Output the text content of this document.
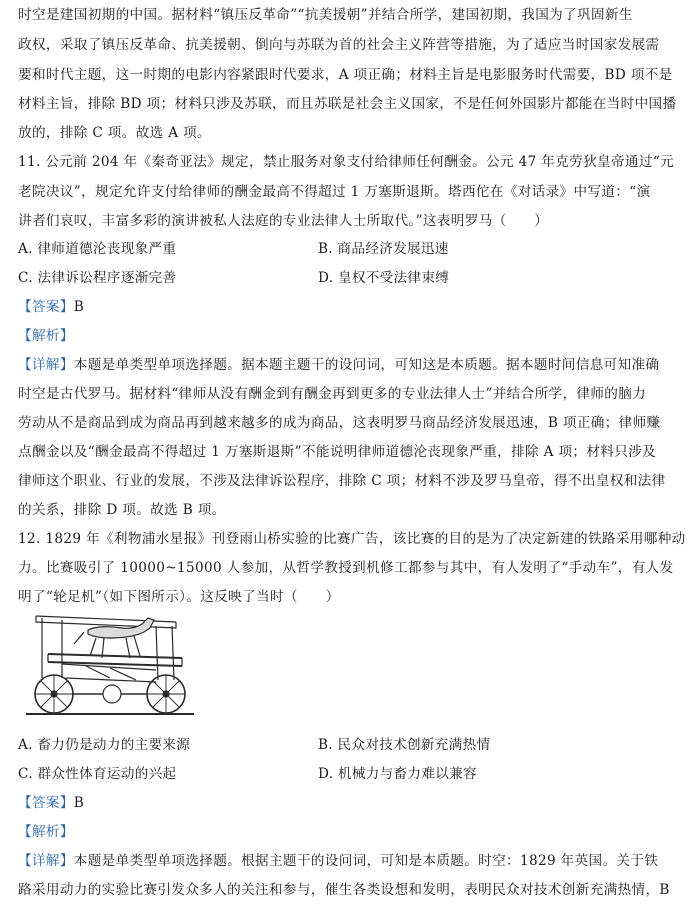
时空是建国初期的中国。据材料“镇压反革命”“抗美援朝”并结合所学，建国初期，我国为了巩固新生
政权，采取了镇压反革命、抗美援朝、倒向与苏联为首的社会主义阵营等措施，为了适应当时国家发展需
要和时代主题，这一时期的电影内容紧跟时代要求，A 项正确；材料主旨是电影服务时代需要，BD 项不是
材料主旨，排除 BD 项；材料只涉及苏联，而且苏联是社会主义国家，不是任何外国影片都能在当时中国播
放的，排除 C 项。故选 A 项。
11. 公元前 204 年《秦奇亚法》规定，禁止服务对象支付给律师任何酬金。公元 47 年克劳狄皇帝通过“元
老院决议”，规定允许支付给律师的酬金最高不得超过 1 万塞斯退斯。塔西佗在《对话录》中写道：“演
讲者们哀叹，丰富多彩的演讲被私人法庭的专业法律人士所取代。”这表明罗马（　　）
A. 律师道德沦丧现象严重	B. 商品经济发展迅速
C. 法律诉讼程序逐渐完善	D. 皇权不受法律束缚
【答案】B
【解析】
【详解】本题是单类型单项选择题。据本题主题干的设问词，可知这是本质题。据本题时间信息可知准确
时空是古代罗马。据材料“律师从没有酬金到有酬金再到更多的专业法律人士”并结合所学，律师的脑力
劳动从不是商品到成为商品再到越来越多的成为商品，这表明罗马商品经济发展迅速，B 项正确；律师赚
点酬金以及“酬金最高不得超过 1 万塞斯退斯”不能说明律师道德沦丧现象严重，排除 A 项；材料只涉及
律师这个职业、行业的发展，不涉及法律诉讼程序，排除 C 项；材料不涉及罗马皇帝，得不出皇权和法律
的关系，排除 D 项。故选 B 项。
12. 1829 年《利物浦水星报》刊登雨山桥实验的比赛广告，该比赛的目的是为了决定新建的铁路采用哪种动
力。比赛吸引了 10000~15000 人参加，从哲学教授到机修工都参与其中，有人发明了“手动车”，有人发
明了“轮足机”（如下图所示）。这反映了当时（　　）
A. 畜力仍是动力的主要来源	B. 民众对技术创新充满热情
C. 群众性体育运动的兴起	D. 机械力与畜力难以兼容
【答案】B
【解析】
【详解】本题是单类型单项选择题。根据主题干的设问词，可知是本质题。时空：1829 年英国。关于铁
路采用动力的实验比赛引发众多人的关注和参与，催生各类设想和发明，表明民众对技术创新充满热情，B
